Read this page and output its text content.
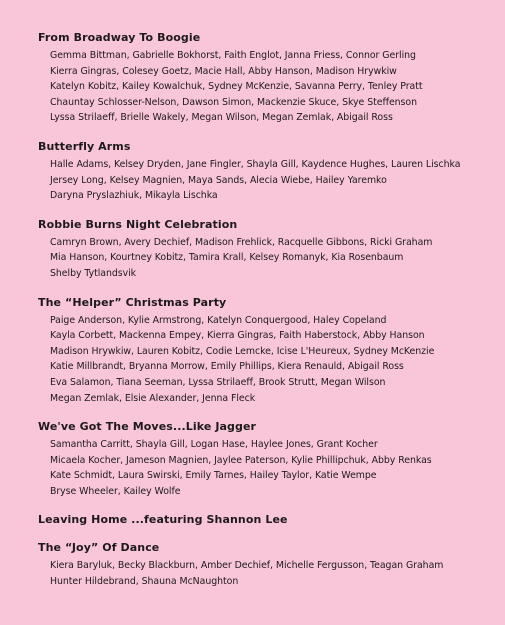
From Broadway To Boogie
Gemma Bittman, Gabrielle Bokhorst, Faith Englot, Janna Friess, Connor Gerling
Kierra Gingras, Colesey Goetz, Macie Hall, Abby Hanson, Madison Hrywkiw
Katelyn Kobitz, Kailey Kowalchuk, Sydney McKenzie, Savanna Perry, Tenley Pratt
Chauntay Schlosser-Nelson, Dawson Simon, Mackenzie Skuce, Skye Steffenson
Lyssa Strilaeff, Brielle Wakely, Megan Wilson, Megan Zemlak, Abigail Ross
Butterfly Arms
Halle Adams, Kelsey Dryden, Jane Fingler, Shayla Gill, Kaydence Hughes, Lauren Lischka
Jersey Long, Kelsey Magnien, Maya Sands, Alecia Wiebe, Hailey Yaremko
Daryna Pryslazhiuk, Mikayla Lischka
Robbie Burns Night Celebration
Camryn Brown, Avery Dechief, Madison Frehlick, Racquelle Gibbons, Ricki Graham
Mia Hanson, Kourtney Kobitz, Tamira Krall, Kelsey Romanyk, Kia Rosenbaum
Shelby Tytlandsvik
The “Helper” Christmas Party
Paige Anderson, Kylie Armstrong, Katelyn Conquergood, Haley Copeland
Kayla Corbett, Mackenna Empey, Kierra Gingras, Faith Haberstock, Abby Hanson
Madison Hrywkiw, Lauren Kobitz, Codie Lemcke, Icise L'Heureux, Sydney McKenzie
Katie Millbrandt, Bryanna Morrow, Emily Phillips, Kiera Renauld, Abigail Ross
Eva Salamon, Tiana Seeman, Lyssa Strilaeff, Brook Strutt, Megan Wilson
Megan Zemlak, Elsie Alexander, Jenna Fleck
We've Got The Moves...Like Jagger
Samantha Carritt, Shayla Gill, Logan Hase, Haylee Jones, Grant Kocher
Micaela Kocher, Jameson Magnien, Jaylee Paterson, Kylie Phillipchuk, Abby Renkas
Kate Schmidt, Laura Swirski, Emily Tarnes, Hailey Taylor, Katie Wempe
Bryse Wheeler, Kailey Wolfe
Leaving Home ...featuring Shannon Lee
The “Joy” Of Dance
Kiera Baryluk, Becky Blackburn, Amber Dechief, Michelle Fergusson, Teagan Graham
Hunter Hildebrand, Shauna McNaughton
